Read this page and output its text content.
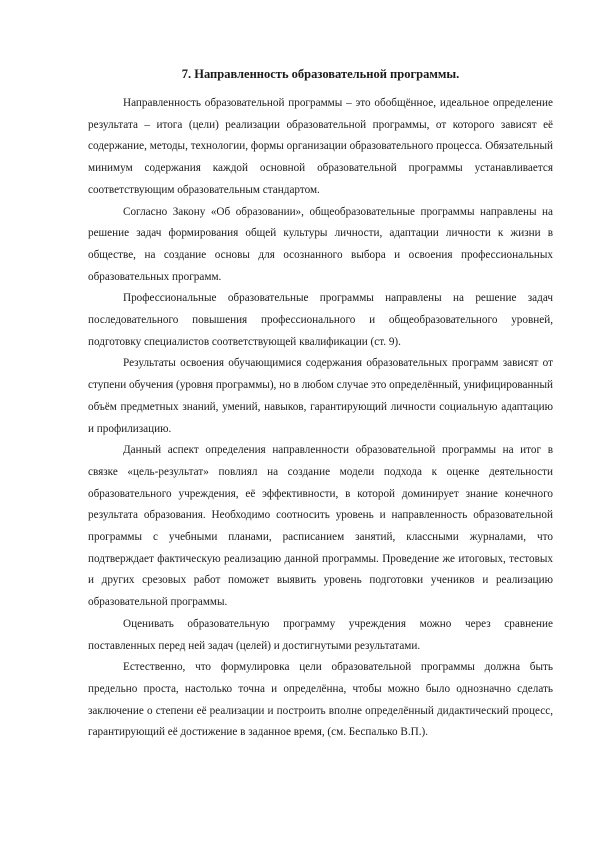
7. Направленность образовательной программы.

Направленность образовательной программы – это обобщённое, идеальное определение результата – итога (цели) реализации образовательной программы, от которого зависят её содержание, методы, технологии, формы организации образовательного процесса. Обязательный минимум содержания каждой основной образовательной программы устанавливается соответствующим образовательным стандартом.

Согласно Закону «Об образовании», общеобразовательные программы направлены на решение задач формирования общей культуры личности, адаптации личности к жизни в обществе, на создание основы для осознанного выбора и освоения профессиональных образовательных программ.

Профессиональные образовательные программы направлены на решение задач последовательного повышения профессионального и общеобразовательного уровней, подготовку специалистов соответствующей квалификации (ст. 9).

Результаты освоения обучающимися содержания образовательных программ зависят от ступени обучения (уровня программы), но в любом случае это определённый, унифицированный объём предметных знаний, умений, навыков, гарантирующий личности социальную адаптацию и профилизацию.

Данный аспект определения направленности образовательной программы на итог в связке «цель-результат» повлиял на создание модели подхода к оценке деятельности образовательного учреждения, её эффективности, в которой доминирует знание конечного результата образования. Необходимо соотносить уровень и направленность образовательной программы с учебными планами, расписанием занятий, классными журналами, что подтверждает фактическую реализацию данной программы. Проведение же итоговых, тестовых и других срезовых работ поможет выявить уровень подготовки учеников и реализацию образовательной программы.

Оценивать образовательную программу учреждения можно через сравнение поставленных перед ней задач (целей) и достигнутыми результатами.

Естественно, что формулировка цели образовательной программы должна быть предельно проста, настолько точна и определённа, чтобы можно было однозначно сделать заключение о степени её реализации и построить вполне определённый дидактический процесс, гарантирующий её достижение в заданное время, (см. Беспалько В.П.).
